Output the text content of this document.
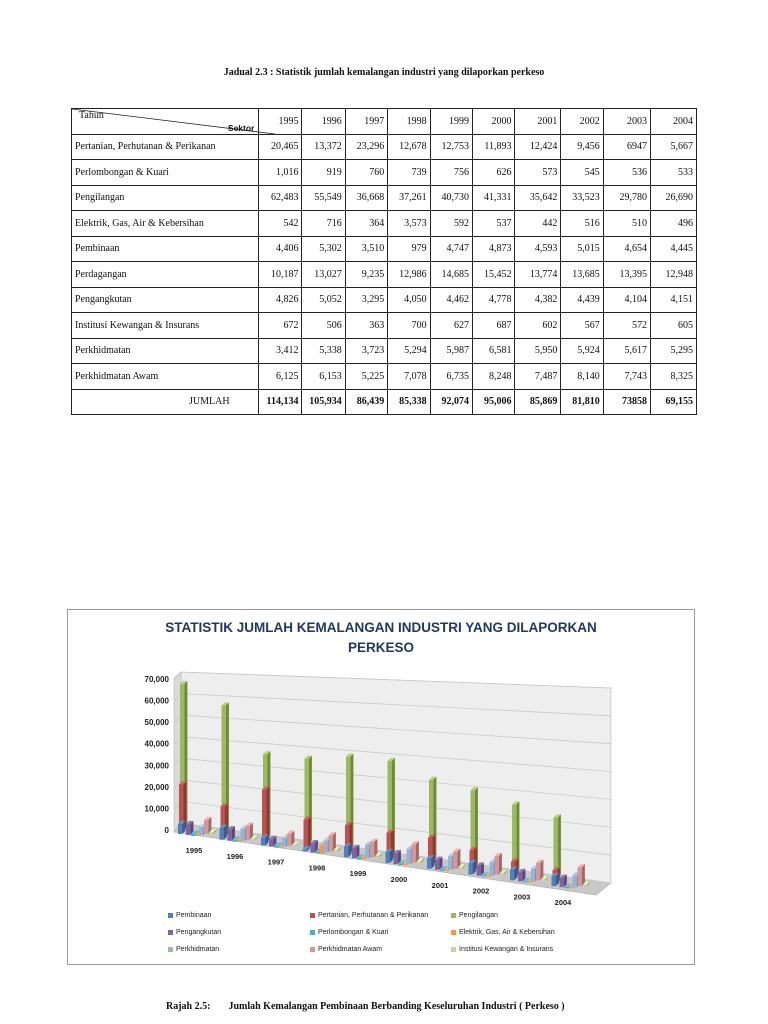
Jadual 2.3 : Statistik jumlah kemalangan industri yang dilaporkan perkeso
Tahun
Sektor	1995	1996	1997	1998	1999	2000	2001	2002	2003	2004
Pertanian, Perhutanan & Perikanan	20,465	13,372	23,296	12,678	12,753	11,893	12,424	9,456	6947	5,667
Perlombongan & Kuari	1,016	919	760	739	756	626	573	545	536	533
Pengilangan	62,483	55,549	36,668	37,261	40,730	41,331	35,642	33,523	29,780	26,690
Elektrik, Gas, Air & Kebersihan	542	716	364	3,573	592	537	442	516	510	496
Pembinaan	4,406	5,302	3,510	979	4,747	4,873	4,593	5,015	4,654	4,445
Perdagangan	10,187	13,027	9,235	12,986	14,685	15,452	13,774	13,685	13,395	12,948
Pengangkutan	4,826	5,052	3,295	4,050	4,462	4,778	4,382	4,439	4,104	4,151
Institusi Kewangan & Insurans	672	506	363	700	627	687	602	567	572	605
Perkhidmatan	3,412	5,338	3,723	5,294	5,987	6,581	5,950	5,924	5,617	5,295
Perkhidmatan Awam	6,125	6,153	5,225	7,078	6,735	8,248	7,487	8,140	7,743	8,325
JUMLAH	114,134	105,934	86,439	85,338	92,074	95,006	85,869	81,810	73858	69,155
STATISTIK JUMLAH KEMALANGAN INDUSTRI YANG DILAPORKAN
PERKESO
70,000
60,000
50,000
40,000
30,000
20,000
10,000
0
1995
1996
1997
1998
1999
2000
2001
2002
2003
2004
Pembinaan	Pertanian, Perhutanan & Perikanan	Pengilangan
Pengangkutan	Perlombongan & Kuari	Elektrik, Gas, Air & Kebersihan
Perkhidmatan	Perkhidmatan Awam	Institusi Kewangan & Insurans
Rajah 2.5: Jumlah Kemalangan Pembinaan Berbanding Keseluruhan Industri ( Perkeso )
